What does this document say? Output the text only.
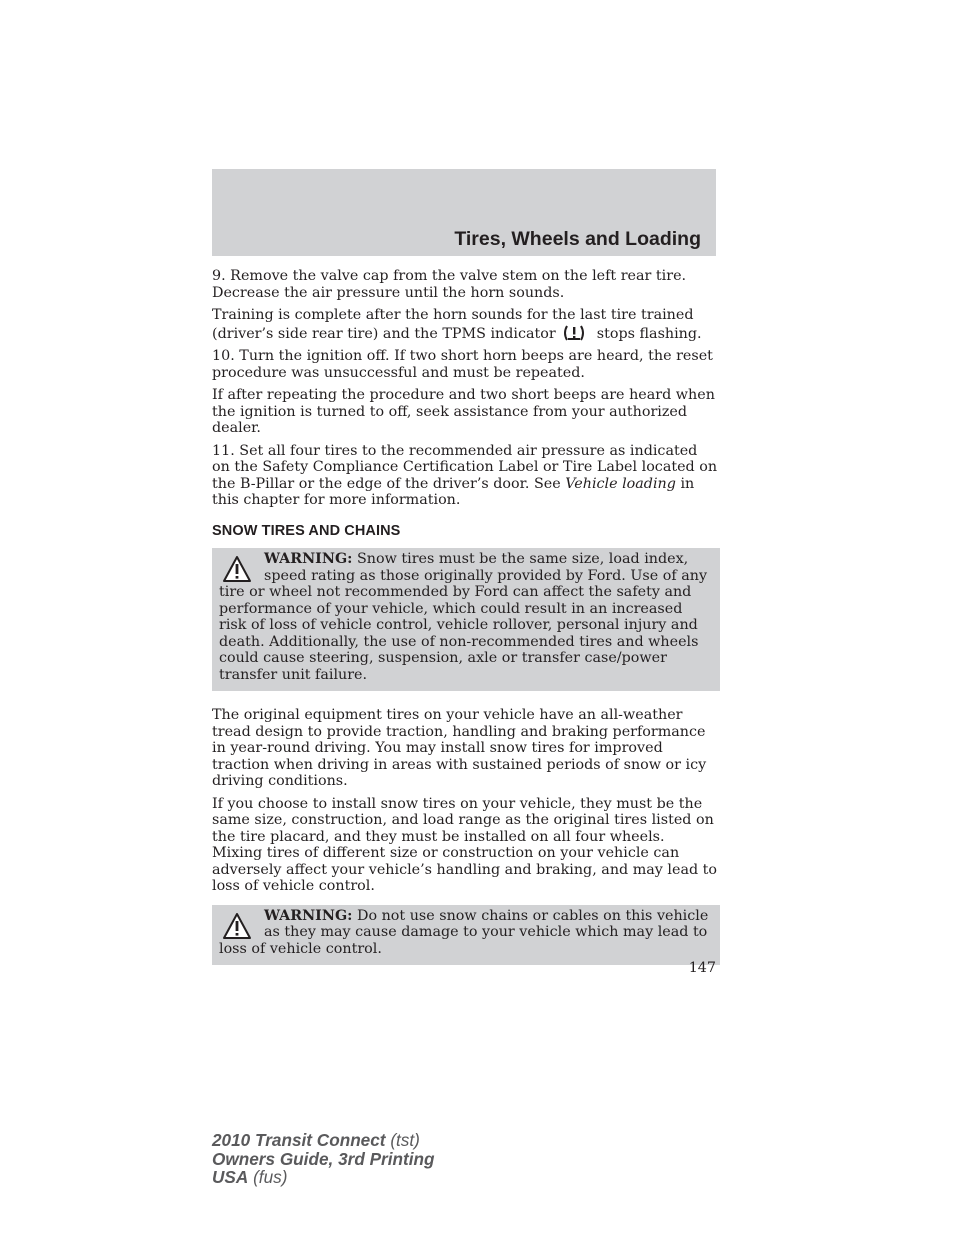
Tires, Wheels and Loading

9. Remove the valve cap from the valve stem on the left rear tire. Decrease the air pressure until the horn sounds.

Training is complete after the horn sounds for the last tire trained (driver’s side rear tire) and the TPMS indicator	stops flashing.

10. Turn the ignition off. If two short horn beeps are heard, the reset procedure was unsuccessful and must be repeated.

If after repeating the procedure and two short beeps are heard when the ignition is turned to off, seek assistance from your authorized dealer.

11. Set all four tires to the recommended air pressure as indicated on the Safety Compliance Certification Label or Tire Label located on the B-Pillar or the edge of the driver’s door. See Vehicle loading in this chapter for more information.

SNOW TIRES AND CHAINS
WARNING: Snow tires must be the same size, load index, speed rating as those originally provided by Ford. Use of any tire or wheel not recommended by Ford can affect the safety and performance of your vehicle, which could result in an increased risk of loss of vehicle control, vehicle rollover, personal injury and death. Additionally, the use of non-recommended tires and wheels could cause steering, suspension, axle or transfer case/power transfer unit failure.

The original equipment tires on your vehicle have an all-weather tread design to provide traction, handling and braking performance in year-round driving. You may install snow tires for improved traction when driving in areas with sustained periods of snow or icy driving conditions.

If you choose to install snow tires on your vehicle, they must be the same size, construction, and load range as the original tires listed on the tire placard, and they must be installed on all four wheels. Mixing tires of different size or construction on your vehicle can adversely affect your vehicle’s handling and braking, and may lead to loss of vehicle control.

WARNING: Do not use snow chains or cables on this vehicle as they may cause damage to your vehicle which may lead to loss of vehicle control.
147
2010 Transit Connect (tst)
Owners Guide, 3rd Printing
USA (fus)
